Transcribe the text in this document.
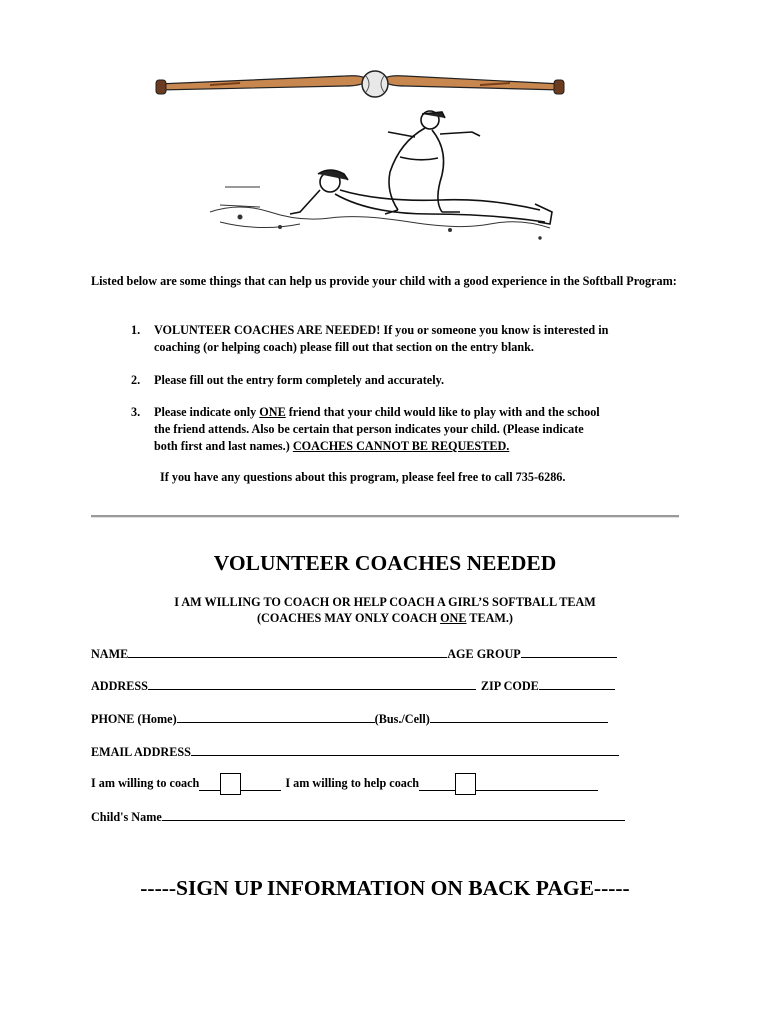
Listed below are some things that can help us provide your child with a good experience in the Softball Program:
1. VOLUNTEER COACHES ARE NEEDED! If you or someone you know is interested in
coaching (or helping coach) please fill out that section on the entry blank.
2. Please fill out the entry form completely and accurately.
3. Please indicate only ONE friend that your child would like to play with and the school
the friend attends. Also be certain that person indicates your child. (Please indicate
both first and last names.) COACHES CANNOT BE REQUESTED.
If you have any questions about this program, please feel free to call 735-6286.
VOLUNTEER COACHES NEEDED
I AM WILLING TO COACH OR HELP COACH A GIRL’S SOFTBALL TEAM
(COACHES MAY ONLY COACH ONE TEAM.)
NAME	AGE GROUP
ADDRESS	ZIP CODE
PHONE (Home)	(Bus./Cell)
EMAIL ADDRESS
I am willing to coach	I am willing to help coach
Child's Name
-----SIGN UP INFORMATION ON BACK PAGE-----
